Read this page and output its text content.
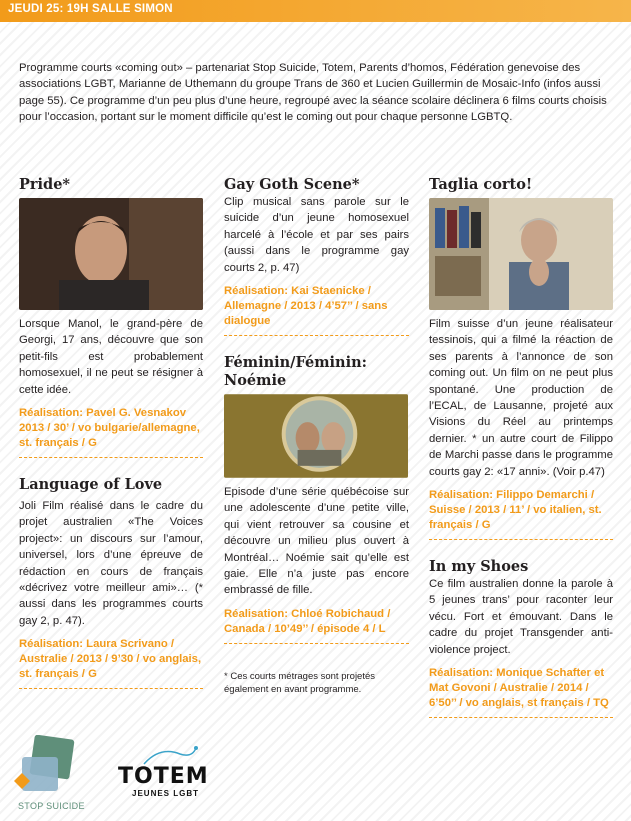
JEUDI 25: 19H SALLE SIMON
Programme courts «coming out» – partenariat Stop Suicide, Totem, Parents d’homos, Fédération genevoise des associations LGBT, Marianne de Uthemann du groupe Trans de 360 et Lucien Guillermin de Mosaic-Info (infos aussi page 55). Ce programme d’un peu plus d’une heure, regroupé avec la séance scolaire déclinera 6 films courts choisis pour l’occasion, portant sur le moment difficile qu’est le coming out pour chaque personne LGBTQ.
Pride*

Lorsque Manol, le grand-père de Georgi, 17 ans, découvre que son petit-fils est probablement homosexuel, il ne peut se résigner à cette idée.

Réalisation: Pavel G. Vesnakov 2013 / 30’ / vo bulgarie/allemagne, st. français / G
Language of Love

Joli Film réalisé dans le cadre du projet australien «The Voices project»: un discours sur l’amour, universel, lors d’une épreuve de rédaction en cours de français «décrivez votre meilleur ami»… (* aussi dans les programmes courts gay 2, p. 47).

Réalisation: Laura Scrivano / Australie / 2013 / 9’30 / vo anglais, st. français / G
Gay Goth Scene*

Clip musical sans parole sur le suicide d’un jeune homosexuel harcelé à l’école et par ses pairs (aussi dans le programme gay courts 2, p. 47)

Réalisation: Kai Staenicke / Allemagne / 2013 / 4’57’’ / sans dialogue
Féminin/Féminin: Noémie

Episode d’une série québécoise sur une adolescente d’une petite ville, qui vient retrouver sa cousine et découvre un milieu plus ouvert à Montréal… Noémie sait qu’elle est gaie. Elle n’a juste pas encore embrassé de fille.

Réalisation: Chloé Robichaud / Canada / 10’49’’ / épisode 4 / L
* Ces courts métrages sont projetés également en avant programme.
Taglia corto!

Film suisse d’un jeune réalisateur tessinois, qui a filmé la réaction de ses parents à l’annonce de son coming out. Un film on ne peut plus spontané. Une production de l’ECAL, de Lausanne, projeté aux Visions du Réel au printemps dernier. * un autre court de Filippo de Marchi passe dans le programme courts gay 2: «17 anni». (Voir p.47)

Réalisation: Filippo Demarchi / Suisse / 2013 / 11’ / vo italien, st. français / G
In my Shoes

Ce film australien donne la parole à 5 jeunes trans’ pour raconter leur vécu. Fort et émouvant. Dans le cadre du projet Transgender anti-violence project.

Réalisation: Monique Schafter et Mat Govoni / Australie / 2014 / 6’50’’ / vo anglais, st français / TQ
STOP SUICIDE
TOTEM
JEUNES LGBT
